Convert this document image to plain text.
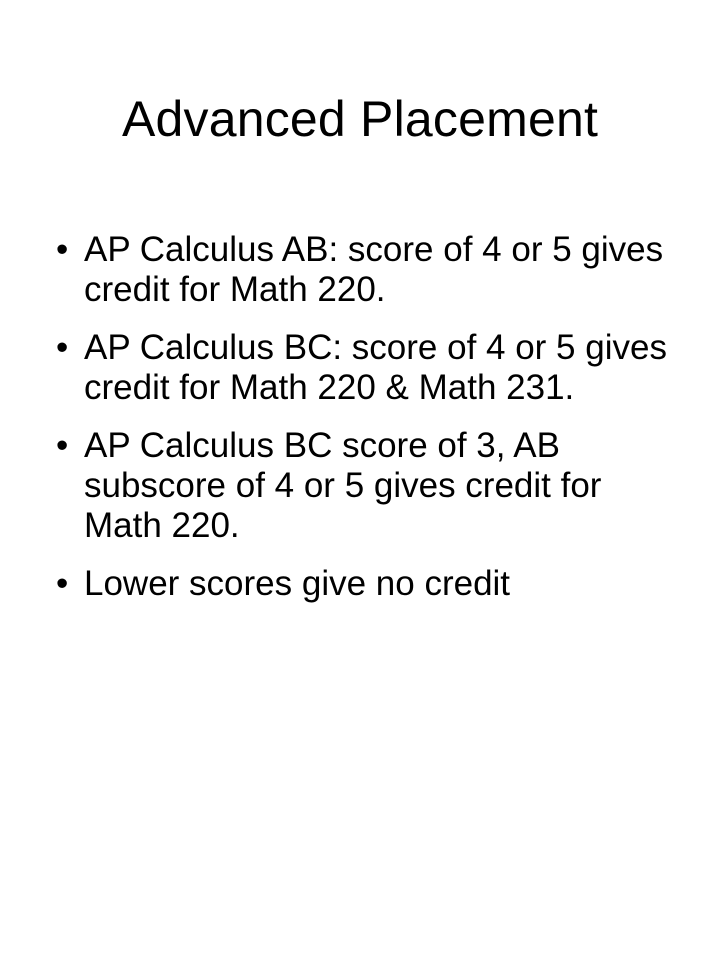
Advanced Placement
• AP Calculus AB: score of 4 or 5 gives credit for Math 220.
• AP Calculus BC: score of 4 or 5 gives credit for Math 220 & Math 231.
• AP Calculus BC score of 3, AB subscore of 4 or 5 gives credit for Math 220.
• Lower scores give no credit
